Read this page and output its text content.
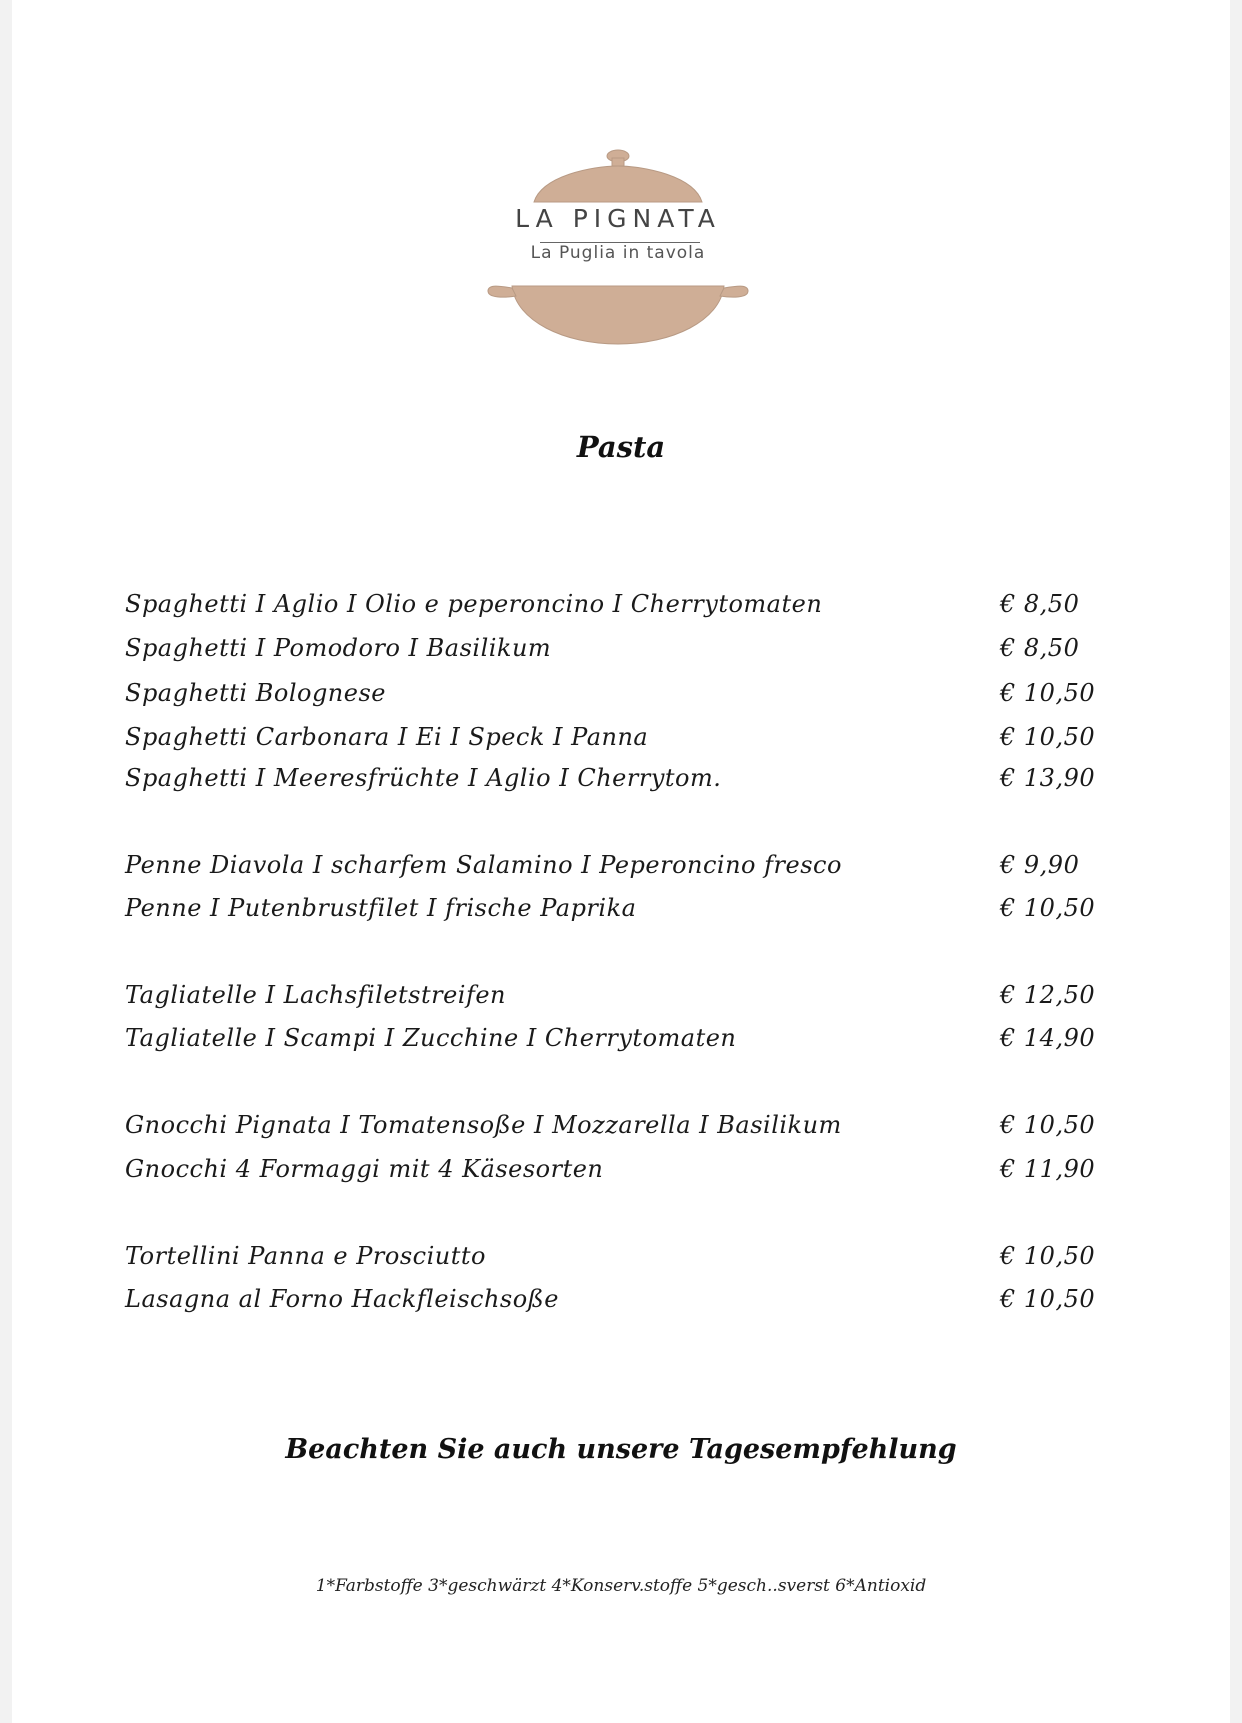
LA PIGNATA
La Puglia in tavola
Pasta
Spaghetti I Aglio I Olio e peperoncino I Cherrytomaten	€ 8,50
Spaghetti I Pomodoro I Basilikum	€ 8,50
Spaghetti Bolognese	€ 10,50
Spaghetti Carbonara I Ei I Speck I Panna	€ 10,50
Spaghetti I Meeresfrüchte I Aglio I Cherrytom.	€ 13,90
Penne Diavola I scharfem Salamino I Peperoncino fresco	€ 9,90
Penne I Putenbrustfilet I frische Paprika	€ 10,50
Tagliatelle I Lachsfiletstreifen	€ 12,50
Tagliatelle I Scampi I Zucchine I Cherrytomaten	€ 14,90
Gnocchi Pignata I Tomatensoße I Mozzarella I Basilikum	€ 10,50
Gnocchi 4 Formaggi mit 4 Käsesorten	€ 11,90
Tortellini Panna e Prosciutto	€ 10,50
Lasagna al Forno Hackfleischsoße	€ 10,50
Beachten Sie auch unsere Tagesempfehlung
1*Farbstoffe 3*geschwärzt 4*Konserv.stoffe 5*gesch..sverst 6*Antioxid
